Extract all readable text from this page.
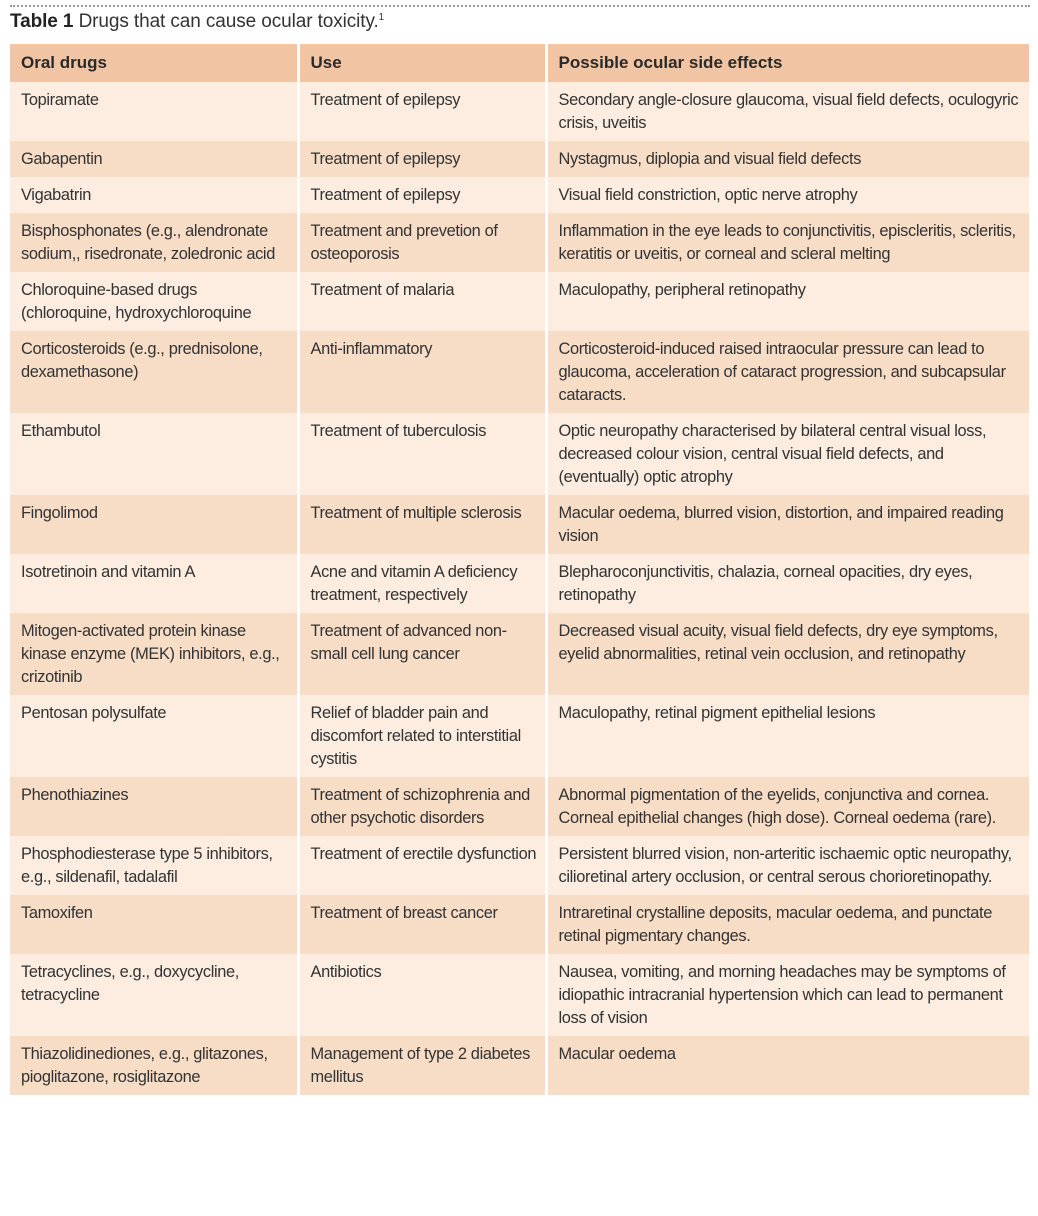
Table 1 Drugs that can cause ocular toxicity.$^1$
Oral drugs	Use	Possible ocular side effects
Topiramate	Treatment of epilepsy	Secondary angle-closure glaucoma, visual field defects, oculogyric crisis, uveitis
Gabapentin	Treatment of epilepsy	Nystagmus, diplopia and visual field defects
Vigabatrin	Treatment of epilepsy	Visual field constriction, optic nerve atrophy
Bisphosphonates (e.g., alendronate sodium,, risedronate, zoledronic acid	Treatment and prevetion of osteoporosis	Inflammation in the eye leads to conjunctivitis, episcleritis, scleritis, keratitis or uveitis, or corneal and scleral melting
Chloroquine-based drugs (chloroquine, hydroxychloroquine	Treatment of malaria	Maculopathy, peripheral retinopathy
Corticosteroids (e.g., prednisolone, dexamethasone)	Anti-inflammatory	Corticosteroid-induced raised intraocular pressure can lead to glaucoma, acceleration of cataract progression, and subcapsular cataracts.
Ethambutol	Treatment of tuberculosis	Optic neuropathy characterised by bilateral central visual loss, decreased colour vision, central visual field defects, and (eventually) optic atrophy
Fingolimod	Treatment of multiple sclerosis	Macular oedema, blurred vision, distortion, and impaired reading vision
Isotretinoin and vitamin A	Acne and vitamin A deficiency treatment, respectively	Blepharoconjunctivitis, chalazia, corneal opacities, dry eyes, retinopathy
Mitogen-activated protein kinase kinase enzyme (MEK) inhibitors, e.g., crizotinib	Treatment of advanced non-small cell lung cancer	Decreased visual acuity, visual field defects, dry eye symptoms, eyelid abnormalities, retinal vein occlusion, and retinopathy
Pentosan polysulfate	Relief of bladder pain and discomfort related to interstitial cystitis	Maculopathy, retinal pigment epithelial lesions
Phenothiazines	Treatment of schizophrenia and other psychotic disorders	Abnormal pigmentation of the eyelids, conjunctiva and cornea. Corneal epithelial changes (high dose). Corneal oedema (rare).
Phosphodiesterase type 5 inhibitors, e.g., sildenafil, tadalafil	Treatment of erectile dysfunction	Persistent blurred vision, non-arteritic ischaemic optic neuropathy, cilioretinal artery occlusion, or central serous chorioretinopathy.
Tamoxifen	Treatment of breast cancer	Intraretinal crystalline deposits, macular oedema, and punctate retinal pigmentary changes.
Tetracyclines, e.g., doxycycline, tetracycline	Antibiotics	Nausea, vomiting, and morning headaches may be symptoms of idiopathic intracranial hypertension which can lead to permanent loss of vision
Thiazolidinediones, e.g., glitazones, pioglitazone, rosiglitazone	Management of type 2 diabetes mellitus	Macular oedema
